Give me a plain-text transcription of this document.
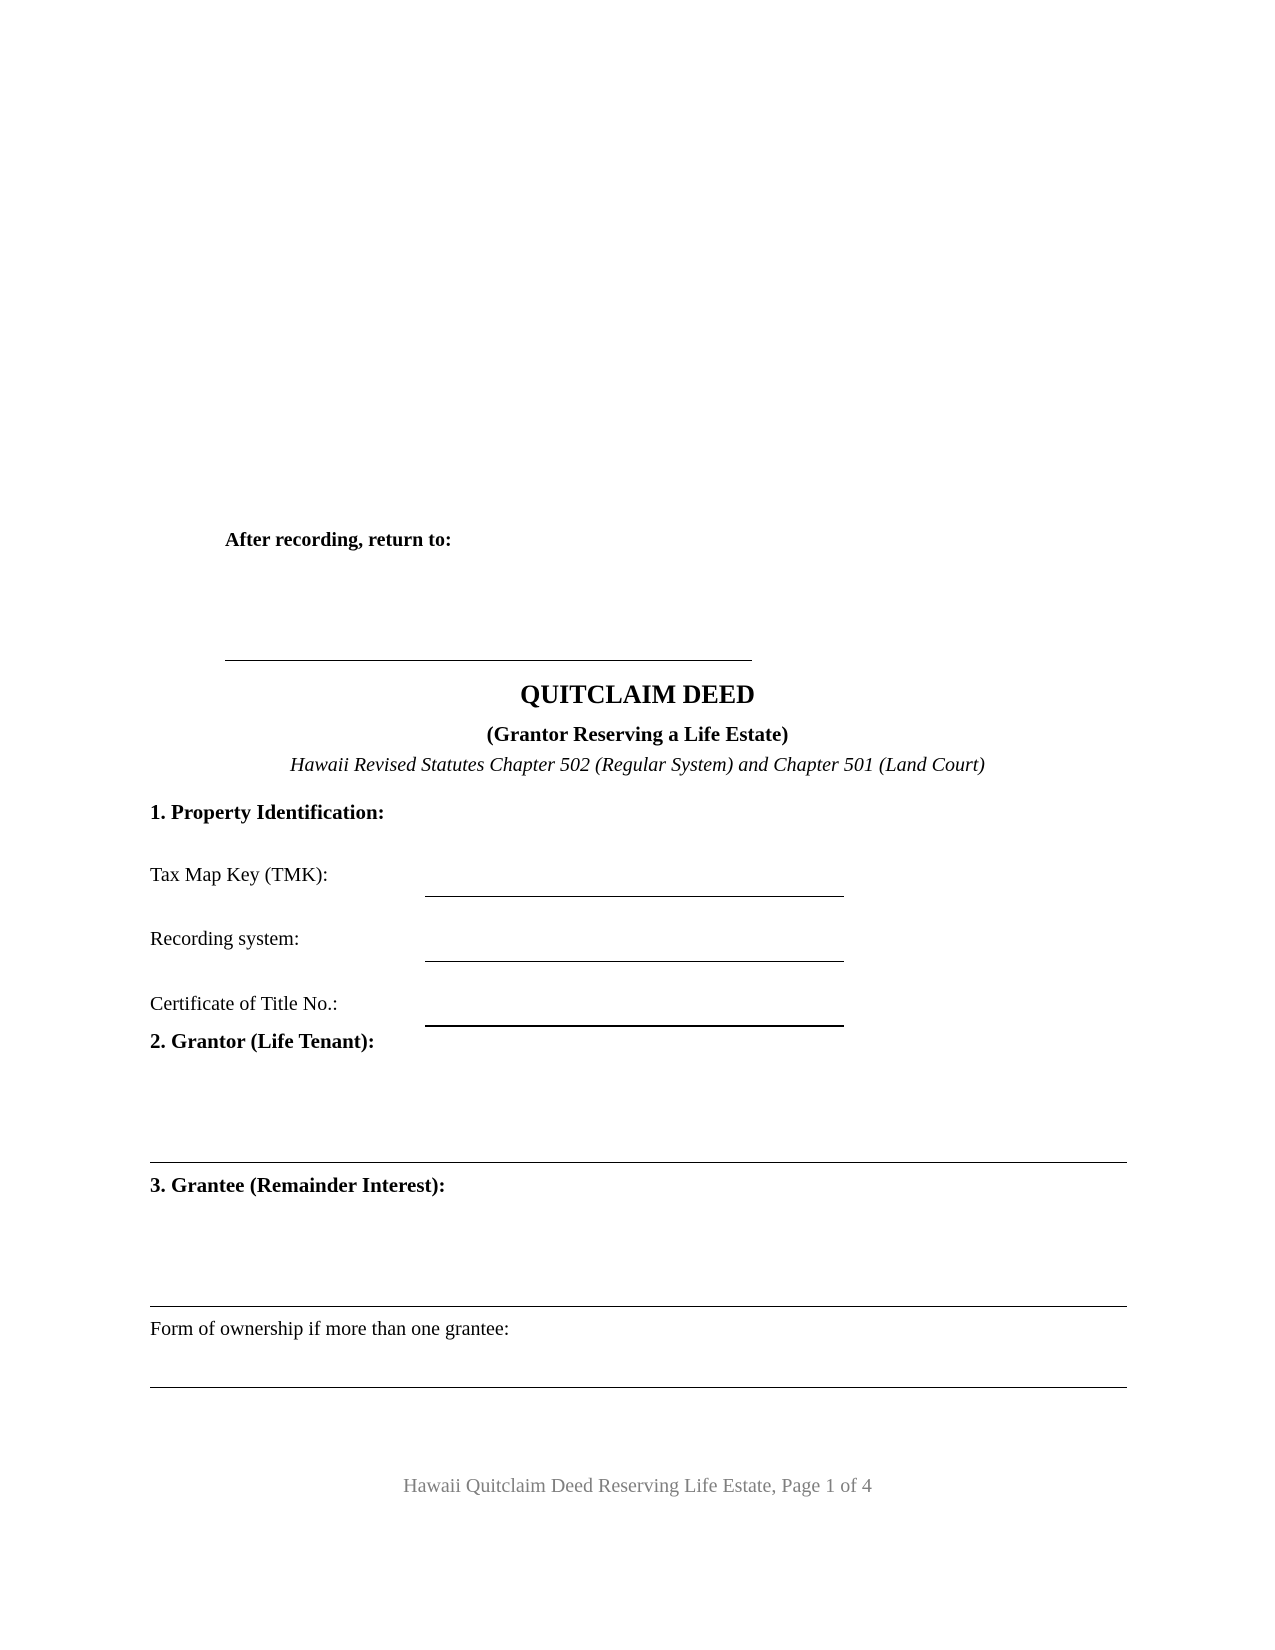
After recording, return to:
QUITCLAIM DEED
(Grantor Reserving a Life Estate)
Hawaii Revised Statutes Chapter 502 (Regular System) and Chapter 501 (Land Court)
1. Property Identification:
Tax Map Key (TMK):
Recording system:
Certificate of Title No.:
2. Grantor (Life Tenant):
3. Grantee (Remainder Interest):
Form of ownership if more than one grantee:
Hawaii Quitclaim Deed Reserving Life Estate, Page 1 of 4
